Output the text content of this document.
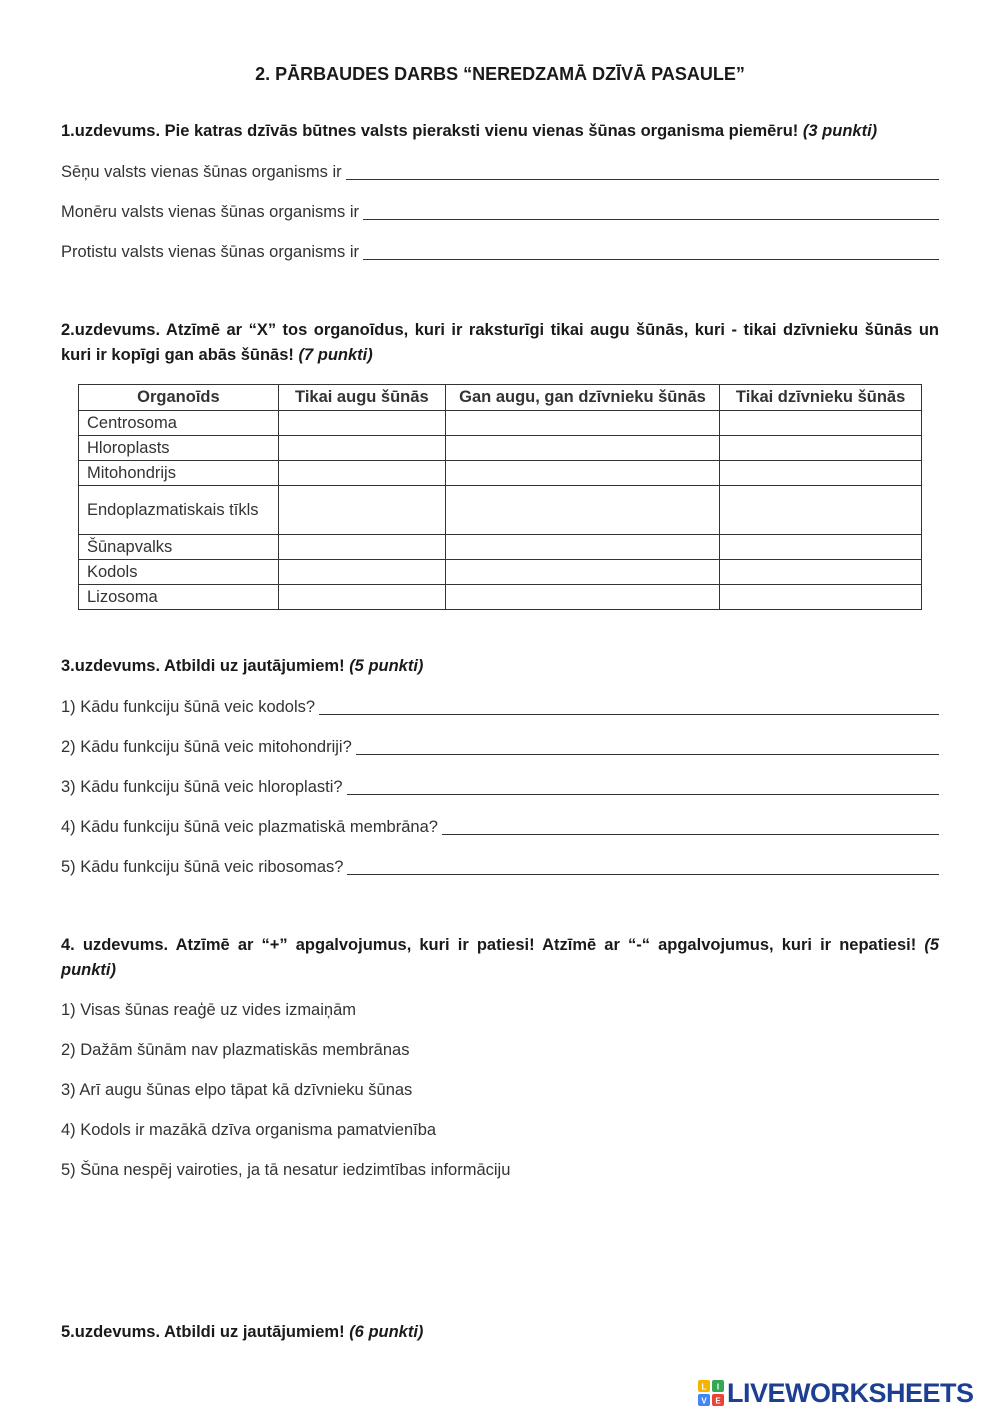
2. PĀRBAUDES DARBS “NEREDZAMĀ DZĪVĀ PASAULE”
1.uzdevums. Pie katras dzīvās būtnes valsts pieraksti vienu vienas šūnas organisma piemēru! (3 punkti)
Sēņu valsts vienas šūnas organisms ir
Monēru valsts vienas šūnas organisms ir
Protistu valsts vienas šūnas organisms ir
2.uzdevums. Atzīmē ar “X” tos organoīdus, kuri ir raksturīgi tikai augu šūnās, kuri - tikai dzīvnieku šūnās un kuri ir kopīgi gan abās šūnās! (7 punkti)
Organoīds	Tikai augu šūnās	Gan augu, gan dzīvnieku šūnās	Tikai dzīvnieku šūnās
Centrosoma			
Hloroplasts			
Mitohondrijs			
Endoplazmatiskais tīkls			
Šūnapvalks			
Kodols			
Lizosoma			
3.uzdevums. Atbildi uz jautājumiem! (5 punkti)
1) Kādu funkciju šūnā veic kodols?
2) Kādu funkciju šūnā veic mitohondriji?
3) Kādu funkciju šūnā veic hloroplasti?
4) Kādu funkciju šūnā veic plazmatiskā membrāna?
5) Kādu funkciju šūnā veic ribosomas?
4. uzdevums. Atzīmē ar “+” apgalvojumus, kuri ir patiesi! Atzīmē ar “-“ apgalvojumus, kuri ir nepatiesi! (5 punkti)
1) Visas šūnas reaģē uz vides izmaiņām
2) Dažām šūnām nav plazmatiskās membrānas
3) Arī augu šūnas elpo tāpat kā dzīvnieku šūnas
4) Kodols ir mazākā dzīva organisma pamatvienība
5) Šūna nespēj vairoties, ja tā nesatur iedzimtības informāciju
5.uzdevums. Atbildi uz jautājumiem! (6 punkti)
L I
V E LIVEWORKSHEETS
